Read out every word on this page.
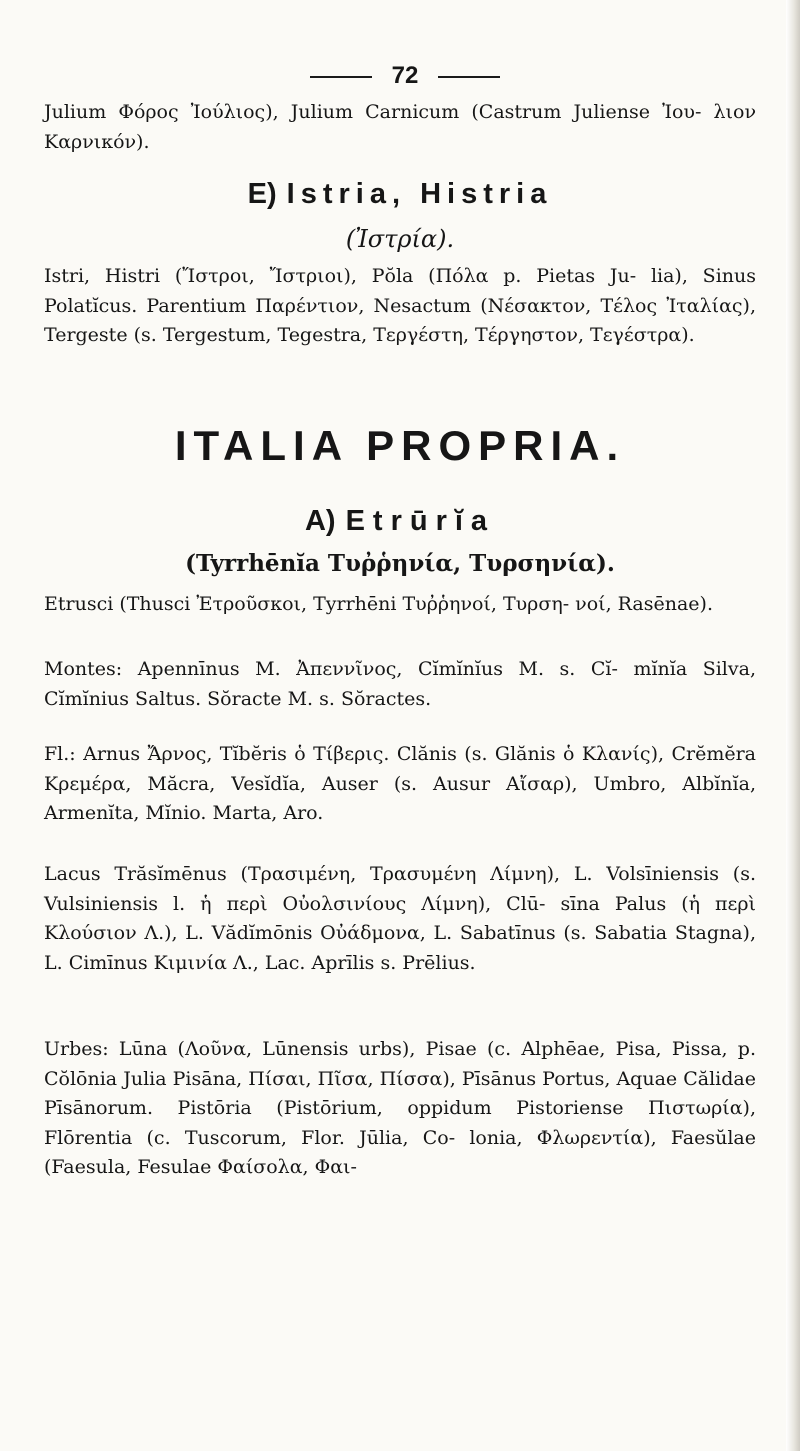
72
Julium Φόρος Ἰούλιος), Julium Carnicum (Castrum Juliense Ἰου- λιον Καρνικόν).
E) Istria, Histria
(Ἰστρία).
Istri, Histri (Ἴστροι, Ἴστριοι), Pŏla (Πόλα p. Pietas Ju- lia), Sinus Polatĭcus. Parentium Παρέντιον, Nesactum (Νέσακτον, Τέλος Ἰταλίας), Tergeste (s. Tergestum, Tegestra, Τεργέστη, Τέργηστον, Τεγέστρα).
ITALIA PROPRIA.
A) Etrūrĭa
(Tyrrhēnĭa Τυῤῥηνία, Τυρσηνία).
Etrusci (Thusci Ἐτροῦσκοι, Tyrrhēni Τυῤῥηνοί, Τυρση- νοί, Rasēnae).
Montes: Apennīnus M. Ἀπεννῖνος, Cĭmĭnĭus M. s. Cĭ- mĭnĭa Silva, Cĭmĭnius Saltus. Sŏracte M. s. Sŏractes.
Fl.: Arnus Ἄρνος, Tĭbĕris ὁ Τίβερις. Clănis (s. Glănis ὁ Κλανίς), Crĕmĕra Κρεμέρα, Măcra, Vesĭdĭa, Auser (s. Ausur Αἴσαρ), Umbro, Albĭnĭa, Armenĭta, Mĭnio. Marta, Aro.
Lacus Trăsĭmēnus (Τρασιμένη, Τρασυμένη Λίμνη), L. Volsīniensis (s. Vulsiniensis l. ἡ περὶ Οὐολσινίους Λίμνη), Clū- sīna Palus (ἡ περὶ Κλούσιον Λ.), L. Vădĭmōnis Οὐάδμονα, L. Sabatīnus (s. Sabatia Stagna), L. Cimīnus Κιμινία Λ., Lac. Aprīlis s. Prēlius.
Urbes: Lūna (Λοῦνα, Lūnensis urbs), Pisae (c. Alphēae, Pisa, Pissa, p. Cŏlōnia Julia Pisāna, Πίσαι, Πῖσα, Πίσσα), Pīsānus Portus, Aquae Călidae Pīsānorum. Pistōria (Pistōrium, oppidum Pistoriense Πιστωρία), Flōrentia (c. Tuscorum, Flor. Jūlia, Co- lonia, Φλωρεντία), Faesŭlae (Faesula, Fesulae Φαίσολα, Φαι-
